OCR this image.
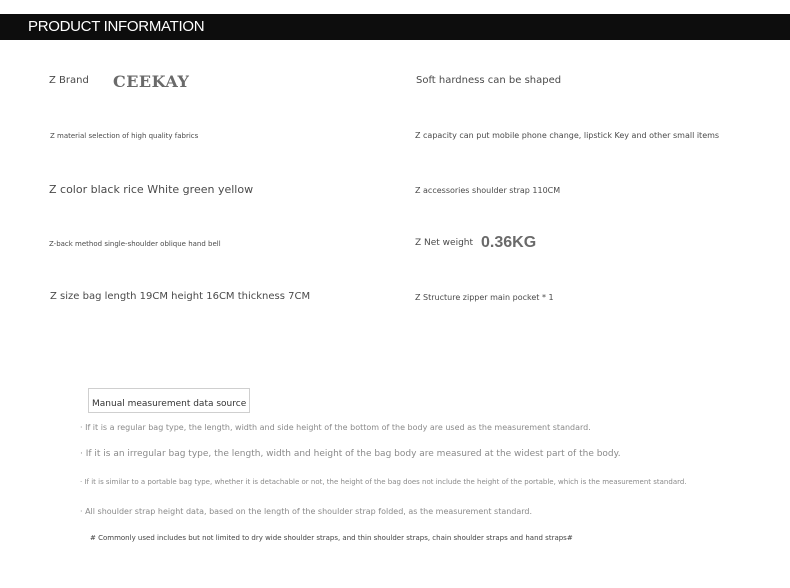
PRODUCT INFORMATION
Z Brand CEEKAY	Soft hardness can be shaped
Z material selection of high quality fabrics	Z capacity can put mobile phone change, lipstick Key and other small items
Z color black rice White green yellow	Z accessories shoulder strap 110CM
Z-back method single-shoulder oblique hand bell	Z Net weight 0.36KG
Z size bag length 19CM height 16CM thickness 7CM	Z Structure zipper main pocket * 1
Manual measurement data source
· If it is a regular bag type, the length, width and side height of the bottom of the body are used as the measurement standard.
· If it is an irregular bag type, the length, width and height of the bag body are measured at the widest part of the body.
· If it is similar to a portable bag type, whether it is detachable or not, the height of the bag does not include the height of the portable, which is the measurement standard.
· All shoulder strap height data, based on the length of the shoulder strap folded, as the measurement standard.
# Commonly used includes but not limited to dry wide shoulder straps, and thin shoulder straps, chain shoulder straps and hand straps#
